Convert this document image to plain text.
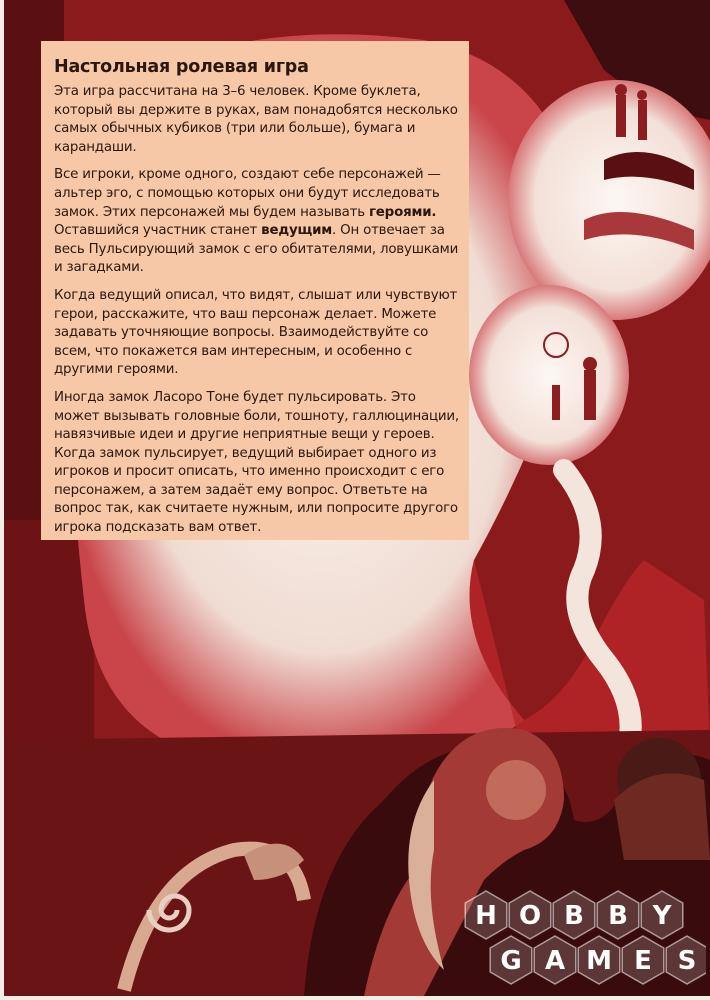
Настольная ролевая игра

Эта игра рассчитана на 3–6 человек. Кроме буклета, который вы держите в руках, вам понадобятся несколько самых обычных кубиков (три или больше), бумага и карандаши.

Все игроки, кроме одного, создают себе персонажей — альтер эго, с помощью которых они будут исследовать замок. Этих персонажей мы будем называть героями. Оставшийся участник станет ведущим. Он отвечает за весь Пульсирующий замок с его обитателями, ловушками и загадками.

Когда ведущий описал, что видят, слышат или чувствуют герои, расскажите, что ваш персонаж делает. Можете задавать уточняющие вопросы. Взаимодействуйте со всем, что покажется вам интересным, и особенно с другими героями.

Иногда замок Ласоро Тоне будет пульсировать. Это может вызывать головные боли, тошноту, галлюцинации, навязчивые идеи и другие неприятные вещи у героев. Когда замок пульсирует, ведущий выбирает одного из игроков и просит описать, что именно происходит с его персонажем, а затем задаёт ему вопрос. Ответьте на вопрос так, как считаете нужным, или попросите другого игрока подсказать вам ответ.

H O B B Y
G A M E S
